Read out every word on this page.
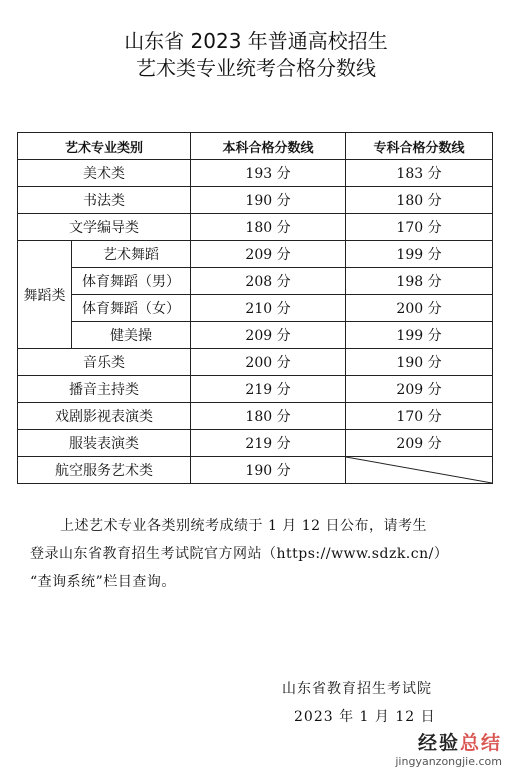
山东省 2023 年普通高校招生
艺术类专业统考合格分数线
艺术专业类别		本科合格分数线	专科合格分数线
美术类		193 分	183 分
书法类		190 分	180 分
文学编导类		180 分	170 分
舞蹈类	艺术舞蹈	209 分	199 分
	体育舞蹈（男）	208 分	198 分
	体育舞蹈（女）	210 分	200 分
	健美操	209 分	199 分
音乐类		200 分	190 分
播音主持类		219 分	209 分
戏剧影视表演类		180 分	170 分
服装表演类		219 分	209 分
航空服务艺术类		190 分	
上述艺术专业各类别统考成绩于 1 月 12 日公布，请考生
登录山东省教育招生考试院官方网站（https://www.sdzk.cn/）
“查询系统”栏目查询。
山东省教育招生考试院
2023 年 1 月 12 日
经验总结
jingyanzongjie.com
